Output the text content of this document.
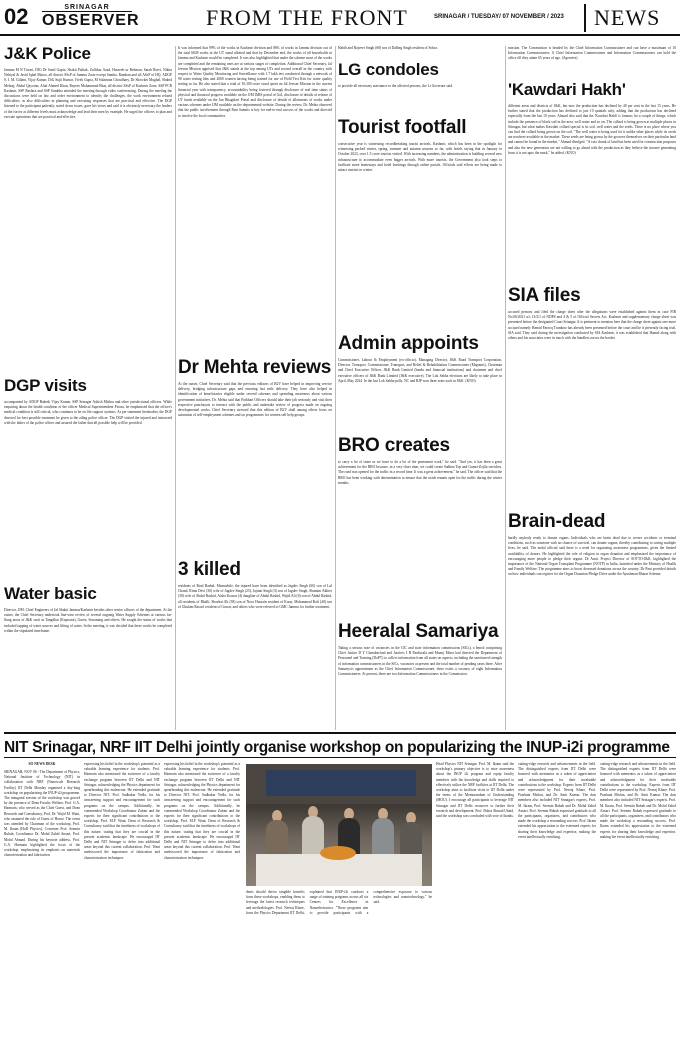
02	SRINAGAR
OBSERVER	FROM THE FRONT	SRINAGAR / TUESDAY/ 07 NOVEMBER / 2023 NEWS
J&K Police
Jammu M N Tiwari, DIG Dr Sunil Gupta, Shakti Pathak, Zulfikar Azad, Hasseeb ur Rehman, Sarah Rizvi, Nikita Nehiyal & Javid Iqbal Matoo, all district SSsP of Jammu Zone except Samba, Ramban and all ASsP of HQ. ADGP S. J. M. Gillani, Vijay Kumar, DiG Sujit Kumar, Vivek Gupta, M Sulaiman Choudhary, Dr Showket Mughal, Shahid Mehraj, Abdul Qayoom, Altaf Ahmed Khan, Rayees Mohammad Bhat, all district SSsP of Kashmir Zone, SSP PCR Kashmir, SSP Rashtra and SSP Sumbha attended the meeting through video conferencing. During the meeting the discussions were held on law and order environment to identify the challenges, the work environment related difficulties, as also difficulties in planning and executing responses that are practical and effective. The DGP listened to the participant patiently, noted down issues, gave his views and said it is obviously necessary the leaders of the forces at different levels must acknowledge and lead their men by example. He urged the officers to plan and execute operations that are practical and effective.
DGP visits
accompanied by ADGP Rakesh Vijay Kumar, SSP Srinagar Ashish Mishra and other jurisdictional officers. While enquiring about the health condition of the officer Medical Superintendent Firoza, he emphasised that the officer's medical condition is still critical, who continues to be on life support systems. As per statement hereinafter, the DGP directed for best possible treatment be given to the ailing police officer. The DGP visited the injured and interacted with the father of the police officer and assured the father that all possible help will be provided.
Water basic
Director, JJM, Chief Engineers of Jal Shakti Jammu/Kashmir besides other senior officers of the department. At the outset, the Chief Secretary undertook line-wise review of several ongoing Water Supply Schemes at various far-flung areas of J&K such as Tangdhar (Kupwara), Gurez, Sonamarg and others. He sought the status of works that included tapping of water sources and lifting of water. In the meeting, it was decided that these works be completed within the stipulated timeframe.
It was informed that 99% of the works in Kashmir division and 86% of works in Jammu division out of the total 6828 works in the UT stand allotted and that by December end, the works of all households in Jammu and Kashmir would be completed. It was also highlighted that under the scheme most of the works are completed and the remaining ones are at various stages of completion. Additional Chief Secretary, Jal Jeevan Mission apprised that J&K stands at the top among UTs and second overall in the country with respect to Water Quality Monitoring and Surveillance with 1.7 lakh test conducted through a network of 98 water testing labs and 2060 women having being trained for use of Field Test Kits for water quality testing so far. He also stated that a total of 10,300 crore stood spent on Jal Jeevan Mission in the current financial year with transparency, accountability being fostered through disclosure of real time status of physical and financial progress available on the JJM IMIS portal of GoI, disclosure of details of release of UT funds available on the Jan Bhagidari Portal and disclosure of details of allotments of works under various schemes under JJM available on the departmental website. During the review, Dr. Mehta observed that the public involvement through Pani Samitis is key for end-to-end success of the works and directed to involve the local communities.
Dr Mehta reviews
At the outset, Chief Secretary said that the previous editions of B2V have helped in improving service delivery, bridging infrastructure gaps and ensuring last mile delivery. They have also helped in identification of beneficiaries eligible under several schemes and spreading awareness about various government initiatives. Dr. Mehta said that Prabhari Officers should take their job seriously and visit their respective panchayats to interact with the public and undertake review of progress made on ongoing developmental works. Chief Secretary stressed that this edition of B2V shall among others focus on saturation of self-employment schemes and on programmes for women self help groups.
3 killed
residents of Brad Barbal. Meanwhile, the injured have been identified as Jagdev Singh (60) son of Lal Chand, Rima Devi (30) wife of Jagdev Singh (25), Jajinat Singh (3) son of Jagdev Singh, Shamim Akhter (30) wife of Abdul Rashid, Aisha Kousar (4) daughter of Abdul Rashid, Wajid Ali (6) son of Abdul Rashid, all residents of Bhalli, Shavkat Ali (38) son of Noor Hussain resident of Kuon, Mohammad Rafi (40) son of Ghulam Rasool resident of Gawar, and others who were referred to GMC Jammu for further treatment.
Habib and Rajveer Singh (68) son of Dalbeg Singh resident of Sohra.
LG condoles
to provide all necessary assistance to the affected persons, the Lt Governor said.
Tourist footfall
consecutive year is witnessing recordbreaking tourist arrivals. Kashmir, which has been in the spotlight for witnessing packed winter, spring, summer and autumn seasons so far, with hotels saying that in January to October 2023, over 1.5 crore tourists visited. With increasing numbers, the administration is building several new infrastructure to accommodate even bigger arrivals. With more tourists, the Government also took steps to facilitate more homestays and hotel bookings through online portals. Officials said efforts are being made to attract tourists in winter.
Admin appoints
Commissioner, Labour & Employment (ex-officio), Managing Director, J&K Road Transport Corporation, Director, Transport, Commissioner, Transport, and Relief & Rehabilitation Commissioner (Migrants), Chairman and Chief Executive Officer, J&K Bank Limited (banks and financial institutions) and chairmen and chief executive officers of J&K Bank Limited (J&K executive). The Lok Sabha elections are likely to take place in April–May 2024. In the last Lok Sabha polls, NC and BJP won three seats each in J&K. (KNO)
BRO creates
to carry a lot of stone as we have to do a lot of the permanent work," he said. "And yes, it has been a great achievement for the BRO because, in a very short time, we could create Sadhna Top and Gumri-Zojila stretches. The road was opened for the traffic in a record time. It was a great achievement," he said. The officer said that the BRO has been working with determination to ensure that the roads remain open for the traffic during the winter months.
Heeralal Samariya
Taking a serious note of vacancies in the CIC and state information commissions (SICs), a bench comprising Chief Justice D Y Chandrachud and Justices J B Pardiwala and Manoj Misra had directed the Department of Personnel and Training (DoPT) to collect information from all states on aspects, including the sanctioned strength of information commissioners in the SICs, vacancies at present and the total number of pending cases there. After Samariya's appointment as the Chief Information Commissioner, there exists a vacancy of eight Information Commissioners. At present, there are two Information Commissioners in the Commission.
mission. The Commission is headed by the Chief Information Commissioner and can have a maximum of 10 Information Commissioners. A Chief Information Commissioner and Information Commissioners can hold the office till they attain 65 years of age. (Agencies)
'Kawdari Hakh'
different areas and districts of J&K, but now the production has declined by 40 per cent in the last 15 years. He further stated that the production has declined to just 10 quintals only, adding that the production has declined especially from the last 10 years. Ahmad also said that the 'Kawdari Hakh' is famous for a couple of things, which include the presence of black soil in the area, well water and so on. The collard is being grown at multiple places in Srinagar, but what makes Kawdari collard special is its soil, well water and the seeds. There is no place where you can find the collard being grown on the soil. "The well water is being used for it unlike other places while its seeds are nowhere available in the market. These seeds are being grown by the growers themselves on their particular land and cannot be found in the market," Ahmad divulged. "A vast chunk of land has been used for construction purposes and also the new generation are not willing to go ahead with the production as they believe the income generating from it is not upto the mark," he added. (KNO)
SIA files
accused persons and filed the charge sheet after the allegations were established against them in case FIR No.06/2021 u/s 13/2/1 of NDPS and 4 & 5 of Official Secrets Act. Kashmir and supplementary charge sheet was presented before the designated Court Srinagar. It is pertinent to mention here that the charge sheet against one more accused namely Hamid Farooq Trumboo has already been presented before the court and he is presently facing trial, SIA said. They said during the investigation conducted by SIA Kashmir, it was established that Hamid along with others and his associates were in touch with the handlers across the border.
Brain-dead
hardly anybody ready to donate organs. Individuals who are brain dead due to severe accidents or terminal conditions, such as someone with no chance of survival, can donate organs, thereby contributing to saving multiple lives, he said. The nodal official said there is a need for organizing awareness programmes, given the limited availability of donors. He highlighted the role of religion in organ donation and emphasized the importance of encouraging more people to pledge their organs. Dr Amit, Project Director of SOTTO-J&K, highlighted the importance of the National Organ Transplant Programme (NOTP) in India, launched under the Ministry of Health and Family Welfare. The programme aims to boost deceased donations across the country. Dr Pant provided details on how individuals can register for the Organ Donation Pledge Drive under the Ayushman Bharat Scheme.
NIT Srinagar, NRF IIT Delhi jointly organise workshop on popularizing the INUP-i2i programme
SO NEWS DESK
SRINAGAR, NOV 06 - The Department of Physics, National Institute of Technology (NIT) in collaboration with NRF (Nanoscale Research Facility) IIT Delhi Monday organised a day-long workshop on popularizing the INUP-i2i programme. The inaugural session of the workshop was graced by the presence of Dean Faculty Welfare, Prof. G.A. Harmain, who served as the Chief Guest, and Dean Research and Consultancy, Prof. Dr. Wajid M. Wani, who assumed the role of Guest of Honor. The event was attended by Chairman of the workshop, Prof. M. Ikram (HoD Physics), Convener Prof. Seemin Rubab, Coordinator Dr. Mohd Zahid Ansari, Prof. Mohd Ahmad. During his keynote address, Prof. G.A. Harmain highlighted the focus of the workshop, emphasizing its emphasis on materials characterization and fabrication.
expressing his belief in the workshop's potential as a valuable learning experience for students. Prof. Harmain also mentioned the existence of a faculty exchange program between IIT Delhi and NIT Srinagar, acknowledging the Physics department for spearheading this endeavour. He extended gratitude to Director NIT, Prof. Sudhakar Yedla, for his unwavering support and encouragement for such programs on the campus. Additionally, he commended Workshop Coordinator Zubair and the experts for their significant contributions to the workshop. Prof. M.F. Wani, Dean of Research & Consultancy said that the timeliness of workshops of this nature, stating that they are crucial in the present academic landscape. He encouraged IIT Delhi and NIT Srinagar to delve into additional areas beyond this current collaboration. Prof. Wani underscored the importance of fabrication and characterization techniques.
expressing his belief in the workshop's potential as a valuable learning experience for students. Prof. Harmain also mentioned the existence of a faculty exchange program between IIT Delhi and NIT Srinagar, acknowledging the Physics department for spearheading this endeavour. He extended gratitude to Director NIT, Prof. Sudhakar Yedla, for his unwavering support and encouragement for such programs on the campus. Additionally, he commended Workshop Coordinator Zubair and the experts for their significant contributions to the workshop. Prof. M.F. Wani, Dean of Research & Consultancy said that the timeliness of workshops of this nature, stating that they are crucial in the present academic landscape. He encouraged IIT Delhi and NIT Srinagar to delve into additional areas beyond this current collaboration. Prof. Wani underscored the importance of fabrication and characterization techniques.
dents should derive tangible benefits from these workshops, enabling them to leverage the latest research techniques and methodologies. Prof. Neeraj Khare, from the Physics Department IIT Delhi, explained that INUP-i2i conducts a range of training programs across all six Centres for Excellence in Nanoelectronics. "These programs aim to provide participants with a comprehensive exposure to various technologies and nanotechnology," he said.
Head Physics NIT Srinagar, Prof. M. Ikram said the workshop's primary objective is to raise awareness about the INUP i2i program and equip faculty members with the knowledge and skills required to effectively utilize the NRF facilities at IIT Delhi. The workshop aims to facilitate visits to IIT Delhi under the terms of the Memorandum of Understanding (MOU). I encourage all participants to leverage NIT Srinagar and IIT Delhi resources to further their research and development. Prof. Bohra Ahmad Ubaid, said the workshop was concluded with vote of thanks.
cutting-edge research and advancements in the field. The distinguished experts from IIT Delhi were honored with mementos as a token of appreciation and acknowledgment for their invaluable contributions to the workshop. Experts from IIT Delhi were represented by Prof. Neeraj Khare, Prof. Prashant Mishra, and Dr. Amit Kumar. The dais members also included NIT Srinagar's experts, Prof. M. Ikram, Prof. Seemin Rubab and Dr. Mohd Zahid Ansari. Prof. Seemin Rubab expressed gratitude to all the participants, organizers, and contributors who made the workshop a resounding success. Prof. Ikram extended his appreciation to the esteemed experts for sharing their knowledge and expertise, making the event intellectually enriching.
cutting-edge research and advancements in the field. The distinguished experts from IIT Delhi were honored with mementos as a token of appreciation and acknowledgment for their invaluable contributions to the workshop. Experts from IIT Delhi were represented by Prof. Neeraj Khare, Prof. Prashant Mishra, and Dr. Amit Kumar. The dais members also included NIT Srinagar's experts, Prof. M. Ikram, Prof. Seemin Rubab and Dr. Mohd Zahid Ansari. Prof. Seemin Rubab expressed gratitude to all the participants, organizers, and contributors who made the workshop a resounding success. Prof. Ikram extended his appreciation to the esteemed experts for sharing their knowledge and expertise, making the event intellectually enriching.
